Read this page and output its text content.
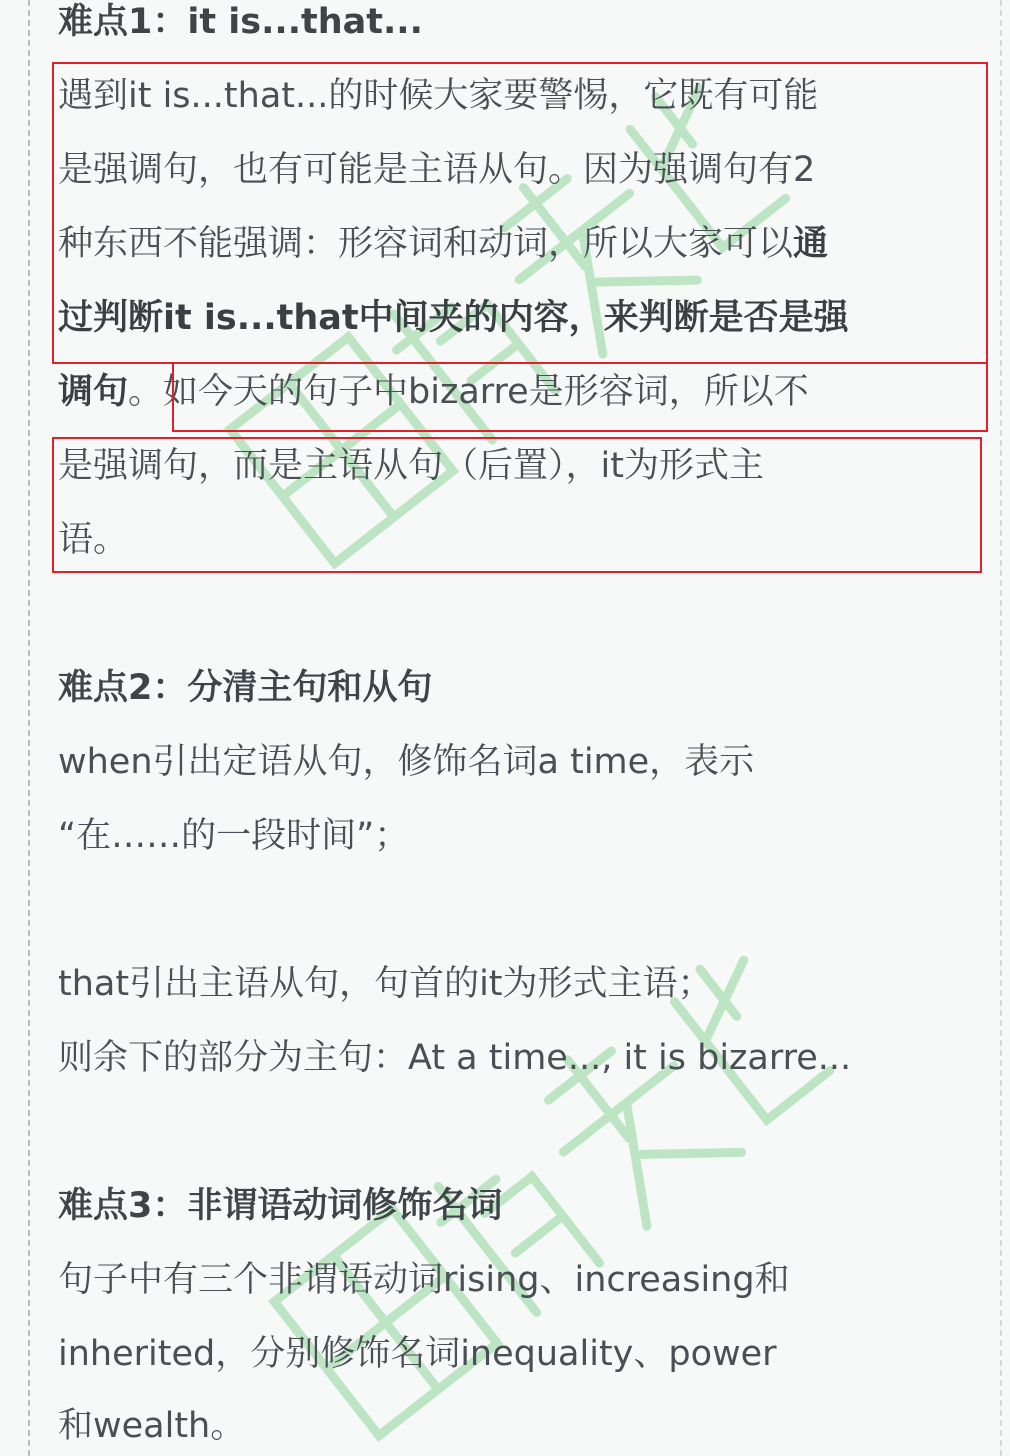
难点1：it is...that...
遇到it is...that...的时候大家要警惕，它既有可能
是强调句，也有可能是主语从句。因为强调句有2
种东西不能强调：形容词和动词，所以大家可以通
过判断it is...that中间夹的内容，来判断是否是强
调句。如今天的句子中bizarre是形容词，所以不
是强调句，而是主语从句（后置），it为形式主
语。
难点2：分清主句和从句
when引出定语从句，修饰名词a time，表示
“在……的一段时间”；
that引出主语从句，句首的it为形式主语；
则余下的部分为主句：At a time..., it is bizarre...
难点3：非谓语动词修饰名词
句子中有三个非谓语动词rising、increasing和
inherited，分别修饰名词inequality、power
和wealth。
